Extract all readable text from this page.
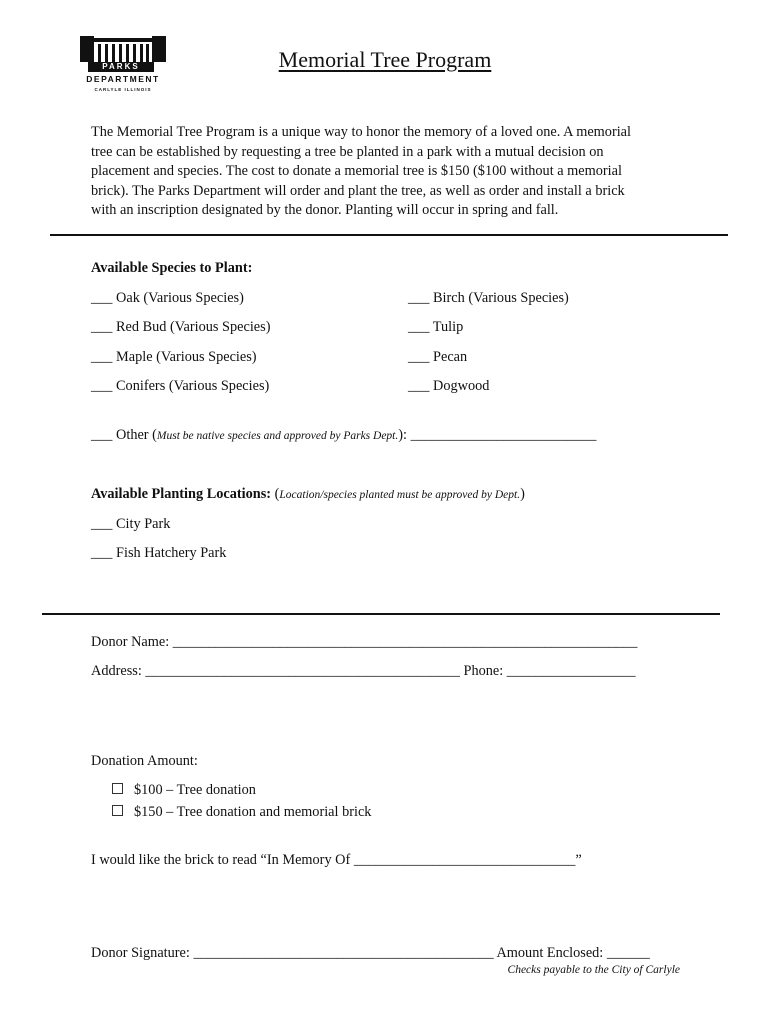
PARKS
DEPARTMENT
CARLYLE ILLINOIS
Memorial Tree Program
The Memorial Tree Program is a unique way to honor the memory of a loved one. A memorial
tree can be established by requesting a tree be planted in a park with a mutual decision on
placement and species. The cost to donate a memorial tree is $150 ($100 without a memorial
brick). The Parks Department will order and plant the tree, as well as order and install a brick
with an inscription designated by the donor. Planting will occur in spring and fall.
Available Species to Plant:
___ Oak (Various Species)
___ Red Bud (Various Species)
___ Maple (Various Species)
___ Conifers (Various Species)
___ Birch (Various Species)
___ Tulip
___ Pecan
___ Dogwood
___ Other (Must be native species and approved by Parks Dept.): __________________________
Available Planting Locations: (Location/species planted must be approved by Dept.)
___ City Park
___ Fish Hatchery Park
Donor Name: _________________________________________________________________
Address: ____________________________________________ Phone: __________________
Donation Amount:
$100 – Tree donation
$150 – Tree donation and memorial brick
I would like the brick to read “In Memory Of _______________________________”
Donor Signature: __________________________________________ Amount Enclosed: ______
Checks payable to the City of Carlyle
